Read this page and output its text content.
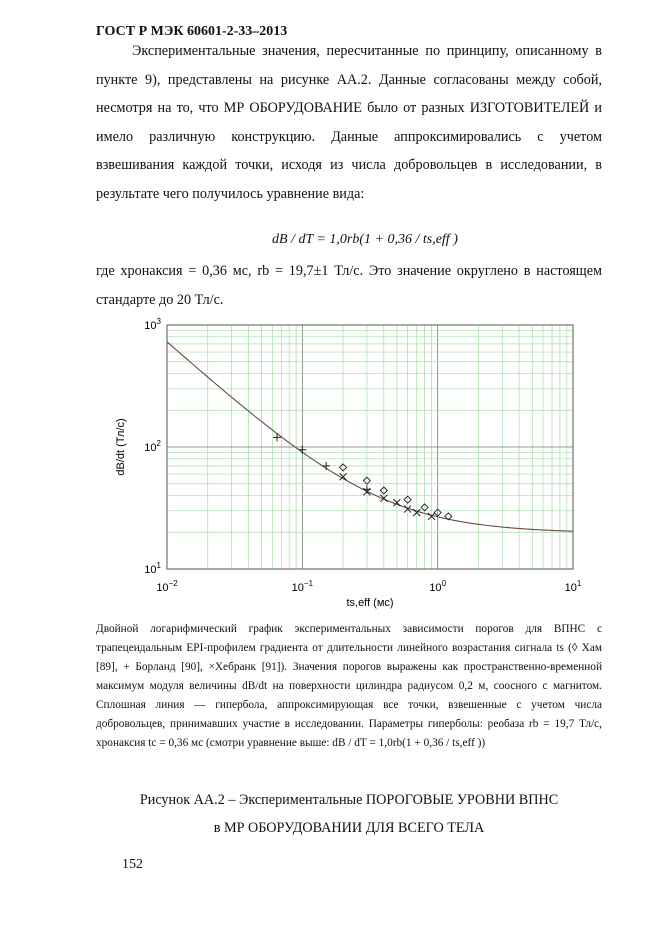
ГОСТ Р МЭК 60601-2-33–2013
Экспериментальные значения, пересчитанные по принципу, описанному в пункте 9), представлены на рисунке АА.2. Данные согласованы между собой, несмотря на то, что МР ОБОРУДОВАНИЕ было от разных ИЗГОТОВИТЕЛЕЙ и имело различную конструкцию. Данные аппроксимировались с учетом взвешивания каждой точки, исходя из числа добровольцев в исследовании, в результате чего получилось уравнение вида:
dB / dT = 1,0rb(1 + 0,36 / ts,eff )
где хронаксия = 0,36 мс, rb = 19,7±1 Тл/с. Это значение округлено в настоящем стандарте до 20 Тл/с.
$10^{-2}$	$10^{-1}$	$10^0$	$10^1$
$10^1$
$10^2$
$10^3$
dB/dt (Тл/с)
ts,eff (мс)
Двойной логарифмический график экспериментальных зависимости порогов для ВПНС с трапецеидальным EPI-профилем градиента от длительности линейного возрастания сигнала ts (◊ Хам [89], + Борланд [90], ×Хебранк [91]). Значения порогов выражены как пространственно-временной максимум модуля величины dB/dt на поверхности цилиндра радиусом 0,2 м, соосного с магнитом. Сплошная линия — гипербола, аппроксимирующая все точки, взвешенные с учетом числа добровольцев, принимавших участие в исследовании. Параметры гиперболы: реобаза rb = 19,7 Тл/с, хронаксия tc = 0,36 мс (смотри уравнение выше: dB / dT = 1,0rb(1 + 0,36 / ts,eff ))
Рисунок АА.2 – Экспериментальные ПОРОГОВЫЕ УРОВНИ ВПНС
в МР ОБОРУДОВАНИИ ДЛЯ ВСЕГО ТЕЛА
152
